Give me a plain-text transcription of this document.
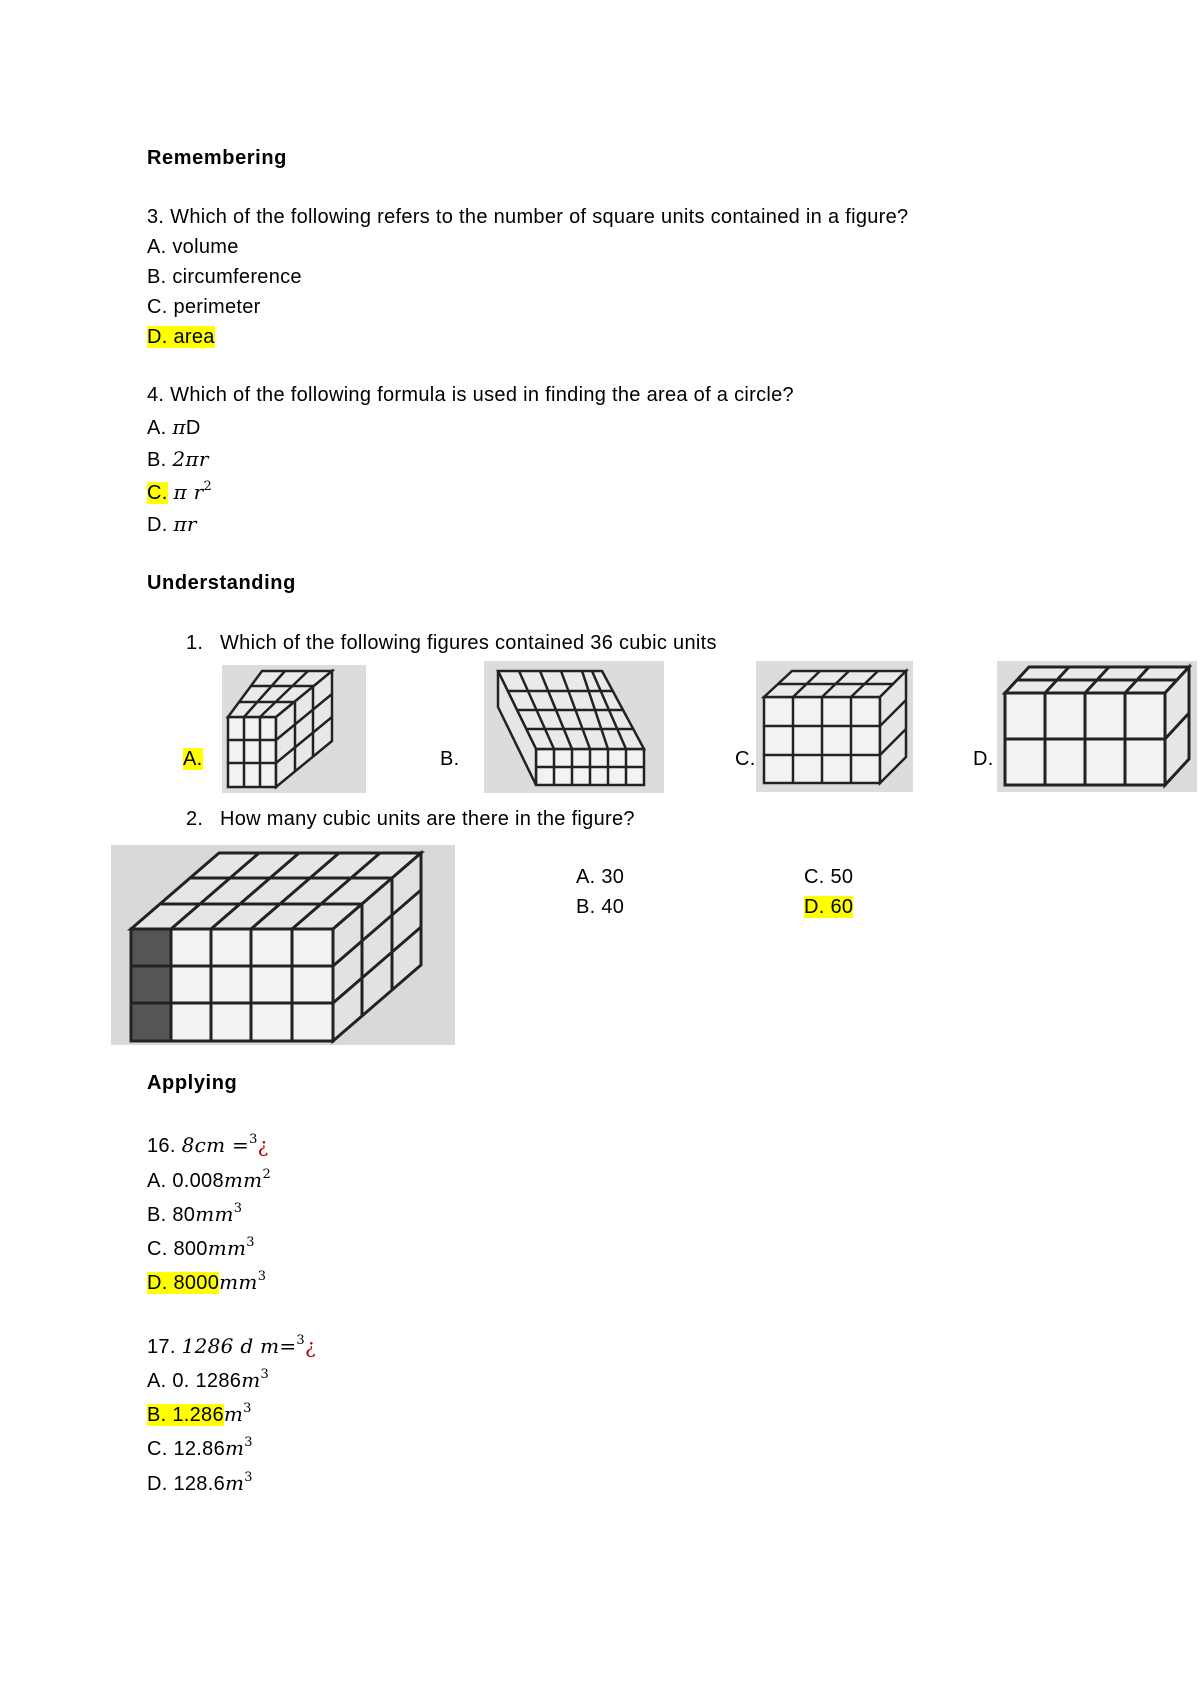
Remembering
3. Which of the following refers to the number of square units contained in a figure?
A. volume
B. circumference
C. perimeter
D. area
4. Which of the following formula is used in finding the area of a circle?
A. πD
B. 2πr
C. π $r^2$
D. πr
Understanding
1. Which of the following figures contained 36 cubic units
A.	B.	C.	D.
2. How many cubic units are there in the figure?
A. 30
B. 40
C. 50
D. 60
Applying
16. 8cm =$^3$¿
A. $0.008mm^2$
B. $80mm^3$
C. $800mm^3$
D. $8000mm^3$
17. 1286 d m=$^3$¿
A. 0. $1286m^3$
B. $1.286m^3$
C. $12.86m^3$
D. $128.6m^3$
